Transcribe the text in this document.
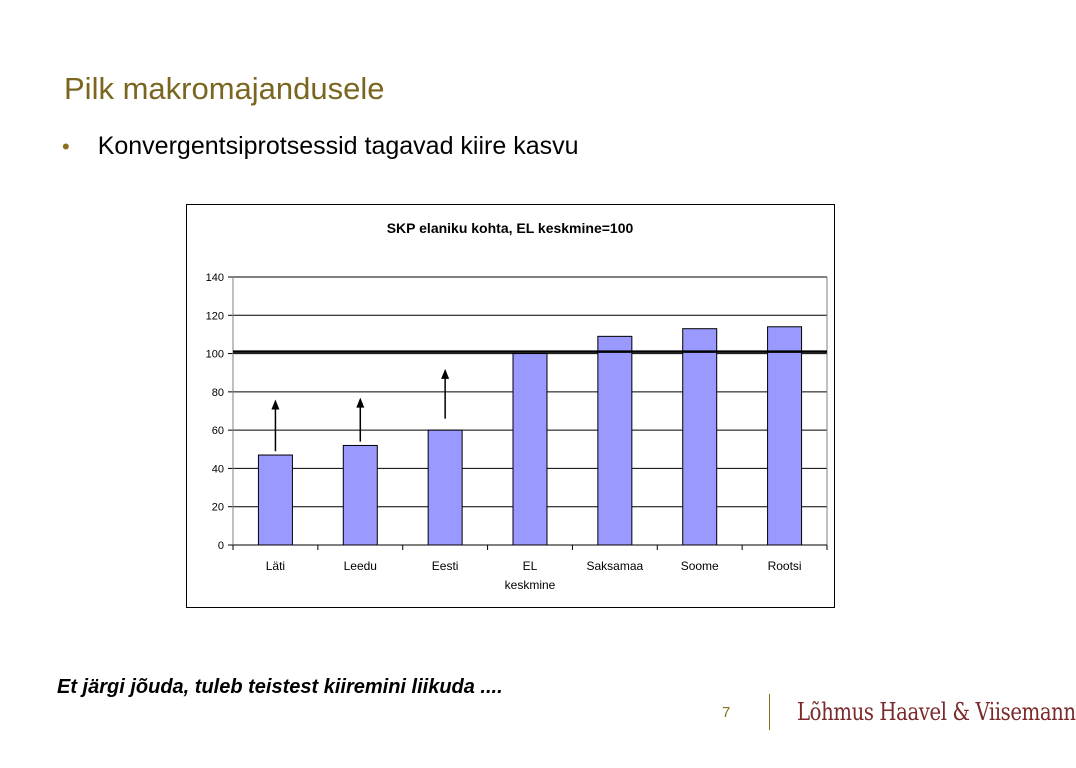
Pilk makromajandusele
• Konvergentsiprotsessid tagavad kiire kasvu
SKP elaniku kohta, EL keskmine=100
0
20
40
60
80
100
120
140
Läti	Leedu	Eesti	EL
keskmine
Saksamaa	Soome	Rootsi
Et järgi jõuda, tuleb teistest kiiremini liikuda ....
7	Lõhmus Haavel & Viisemann
